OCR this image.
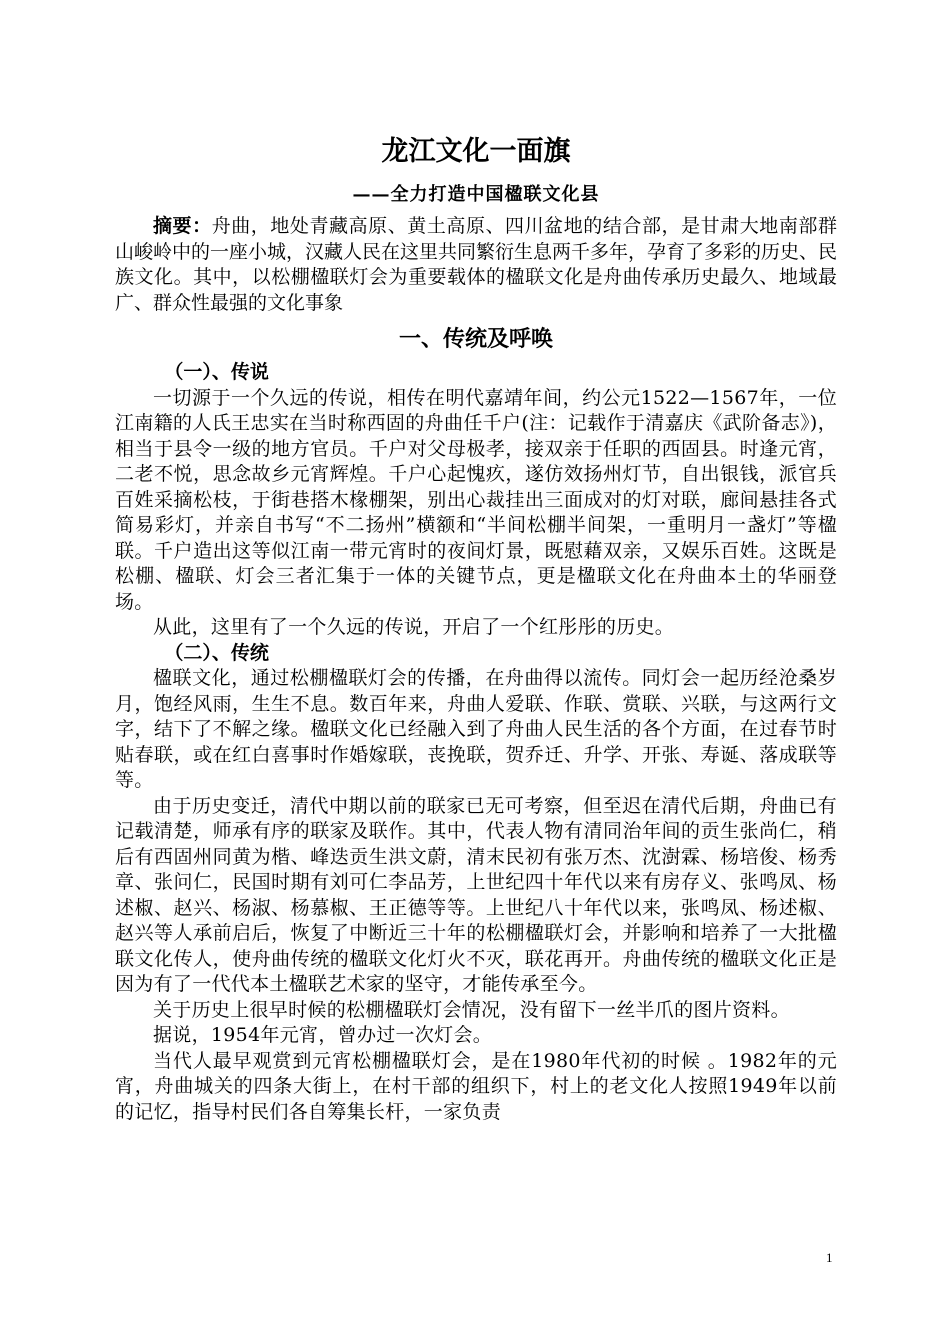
龙江文化一面旗
——全力打造中国楹联文化县

摘要：舟曲，地处青藏高原、黄土高原、四川盆地的结合部，是甘肃大地南部群山峻岭中的一座小城，汉藏人民在这里共同繁衍生息两千多年，孕育了多彩的历史、民族文化。其中，以松棚楹联灯会为重要载体的楹联文化是舟曲传承历史最久、地域最广、群众性最强的文化事象

一、传统及呼唤
（一）、传说

一切源于一个久远的传说，相传在明代嘉靖年间，约公元1522—1567年，一位江南籍的人氏王忠实在当时称西固的舟曲任千户(注：记载作于清嘉庆《武阶备志》)，相当于县令一级的地方官员。千户对父母极孝，接双亲于任职的西固县。时逢元宵，二老不悦，思念故乡元宵辉煌。千户心起愧疚，遂仿效扬州灯节，自出银钱，派官兵百姓采摘松枝，于街巷搭木椽棚架，别出心裁挂出三面成对的灯对联，廊间悬挂各式简易彩灯，并亲自书写“不二扬州”横额和“半间松棚半间架，一重明月一盏灯”等楹联。千户造出这等似江南一带元宵时的夜间灯景，既慰藉双亲，又娱乐百姓。这既是松棚、楹联、灯会三者汇集于一体的关键节点，更是楹联文化在舟曲本土的华丽登场。

从此，这里有了一个久远的传说，开启了一个红彤彤的历史。

（二）、传统

楹联文化，通过松棚楹联灯会的传播，在舟曲得以流传。同灯会一起历经沧桑岁月，饱经风雨，生生不息。数百年来，舟曲人爱联、作联、赏联、兴联，与这两行文字，结下了不解之缘。楹联文化已经融入到了舟曲人民生活的各个方面，在过春节时贴春联，或在红白喜事时作婚嫁联，丧挽联，贺乔迁、升学、开张、寿诞、落成联等等。

由于历史变迁，清代中期以前的联家已无可考察，但至迟在清代后期，舟曲已有记载清楚，师承有序的联家及联作。其中，代表人物有清同治年间的贡生张尚仁，稍后有西固州同黄为楷、峰迭贡生洪文蔚，清末民初有张万杰、沈澍霖、杨培俊、杨秀章、张问仁，民国时期有刘可仁李品芳，上世纪四十年代以来有房存义、张鸣凤、杨述椒、赵兴、杨淑、杨慕椒、王正德等等。上世纪八十年代以来，张鸣凤、杨述椒、赵兴等人承前启后，恢复了中断近三十年的松棚楹联灯会，并影响和培养了一大批楹联文化传人，使舟曲传统的楹联文化灯火不灭，联花再开。舟曲传统的楹联文化正是因为有了一代代本土楹联艺术家的坚守，才能传承至今。

关于历史上很早时候的松棚楹联灯会情况，没有留下一丝半爪的图片资料。

据说，1954年元宵，曾办过一次灯会。

当代人最早观赏到元宵松棚楹联灯会，是在1980年代初的时候 。1982年的元宵，舟曲城关的四条大街上，在村干部的组织下，村上的老文化人按照1949年以前的记忆，指导村民们各自筹集长杆，一家负责

1
